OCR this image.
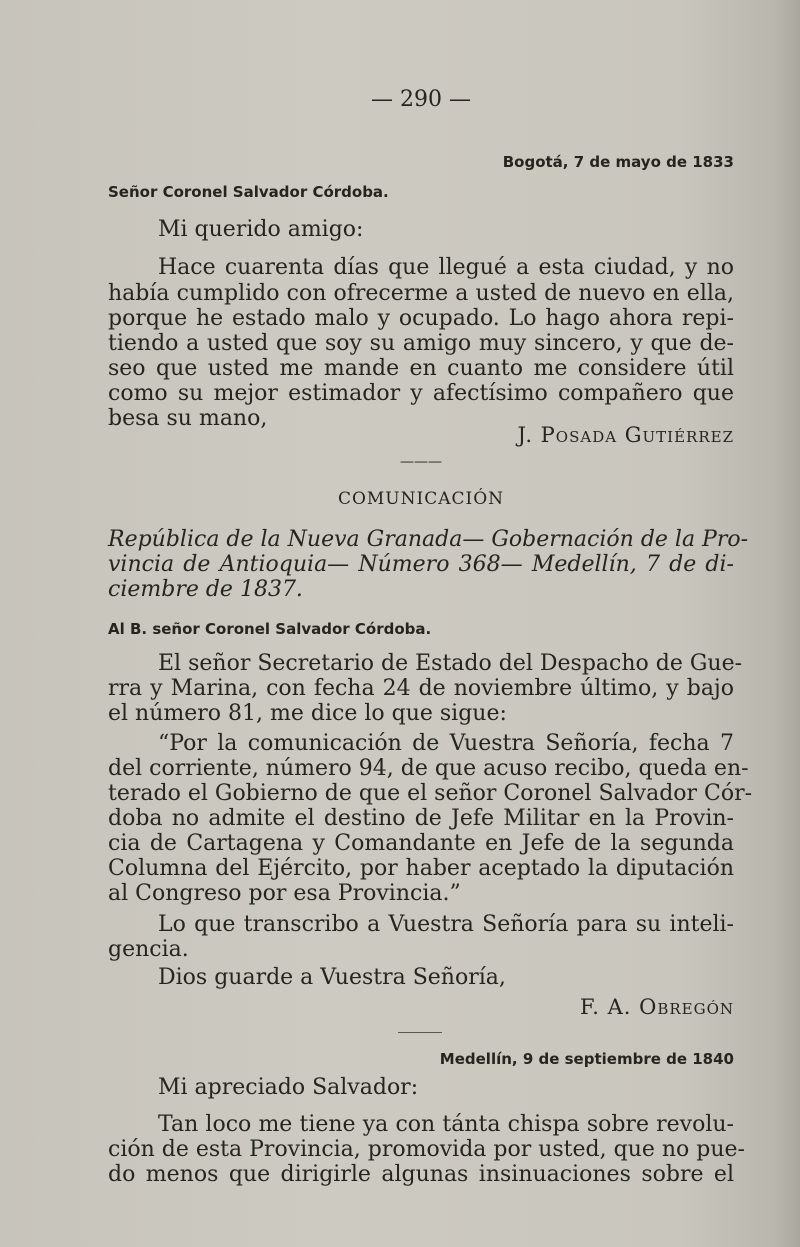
— 290 —
Bogotá, 7 de mayo de 1833
Señor Coronel Salvador Córdoba.
Mi querido amigo:
Hace cuarenta días que llegué a esta ciudad, y no
había cumplido con ofrecerme a usted de nuevo en ella,
porque he estado malo y ocupado. Lo hago ahora repi-
tiendo a usted que soy su amigo muy sincero, y que de-
seo que usted me mande en cuanto me considere útil
como su mejor estimador y afectísimo compañero que
besa su mano,
J. Posada Gutiérrez
———
COMUNICACIÓN
República de la Nueva Granada— Gobernación de la Pro-
vincia de Antioquia— Número 368— Medellín, 7 de di-
ciembre de 1837.
Al B. señor Coronel Salvador Córdoba.
El señor Secretario de Estado del Despacho de Gue-
rra y Marina, con fecha 24 de noviembre último, y bajo
el número 81, me dice lo que sigue:
“Por la comunicación de Vuestra Señoría, fecha 7
del corriente, número 94, de que acuso recibo, queda en-
terado el Gobierno de que el señor Coronel Salvador Cór-
doba no admite el destino de Jefe Militar en la Provin-
cia de Cartagena y Comandante en Jefe de la segunda
Columna del Ejército, por haber aceptado la diputación
al Congreso por esa Provincia.”
Lo que transcribo a Vuestra Señoría para su inteli-
gencia.
Dios guarde a Vuestra Señoría,
F. A. Obregón
Medellín, 9 de septiembre de 1840
Mi apreciado Salvador:
Tan loco me tiene ya con tánta chispa sobre revolu-
ción de esta Provincia, promovida por usted, que no pue-
do menos que dirigirle algunas insinuaciones sobre el
